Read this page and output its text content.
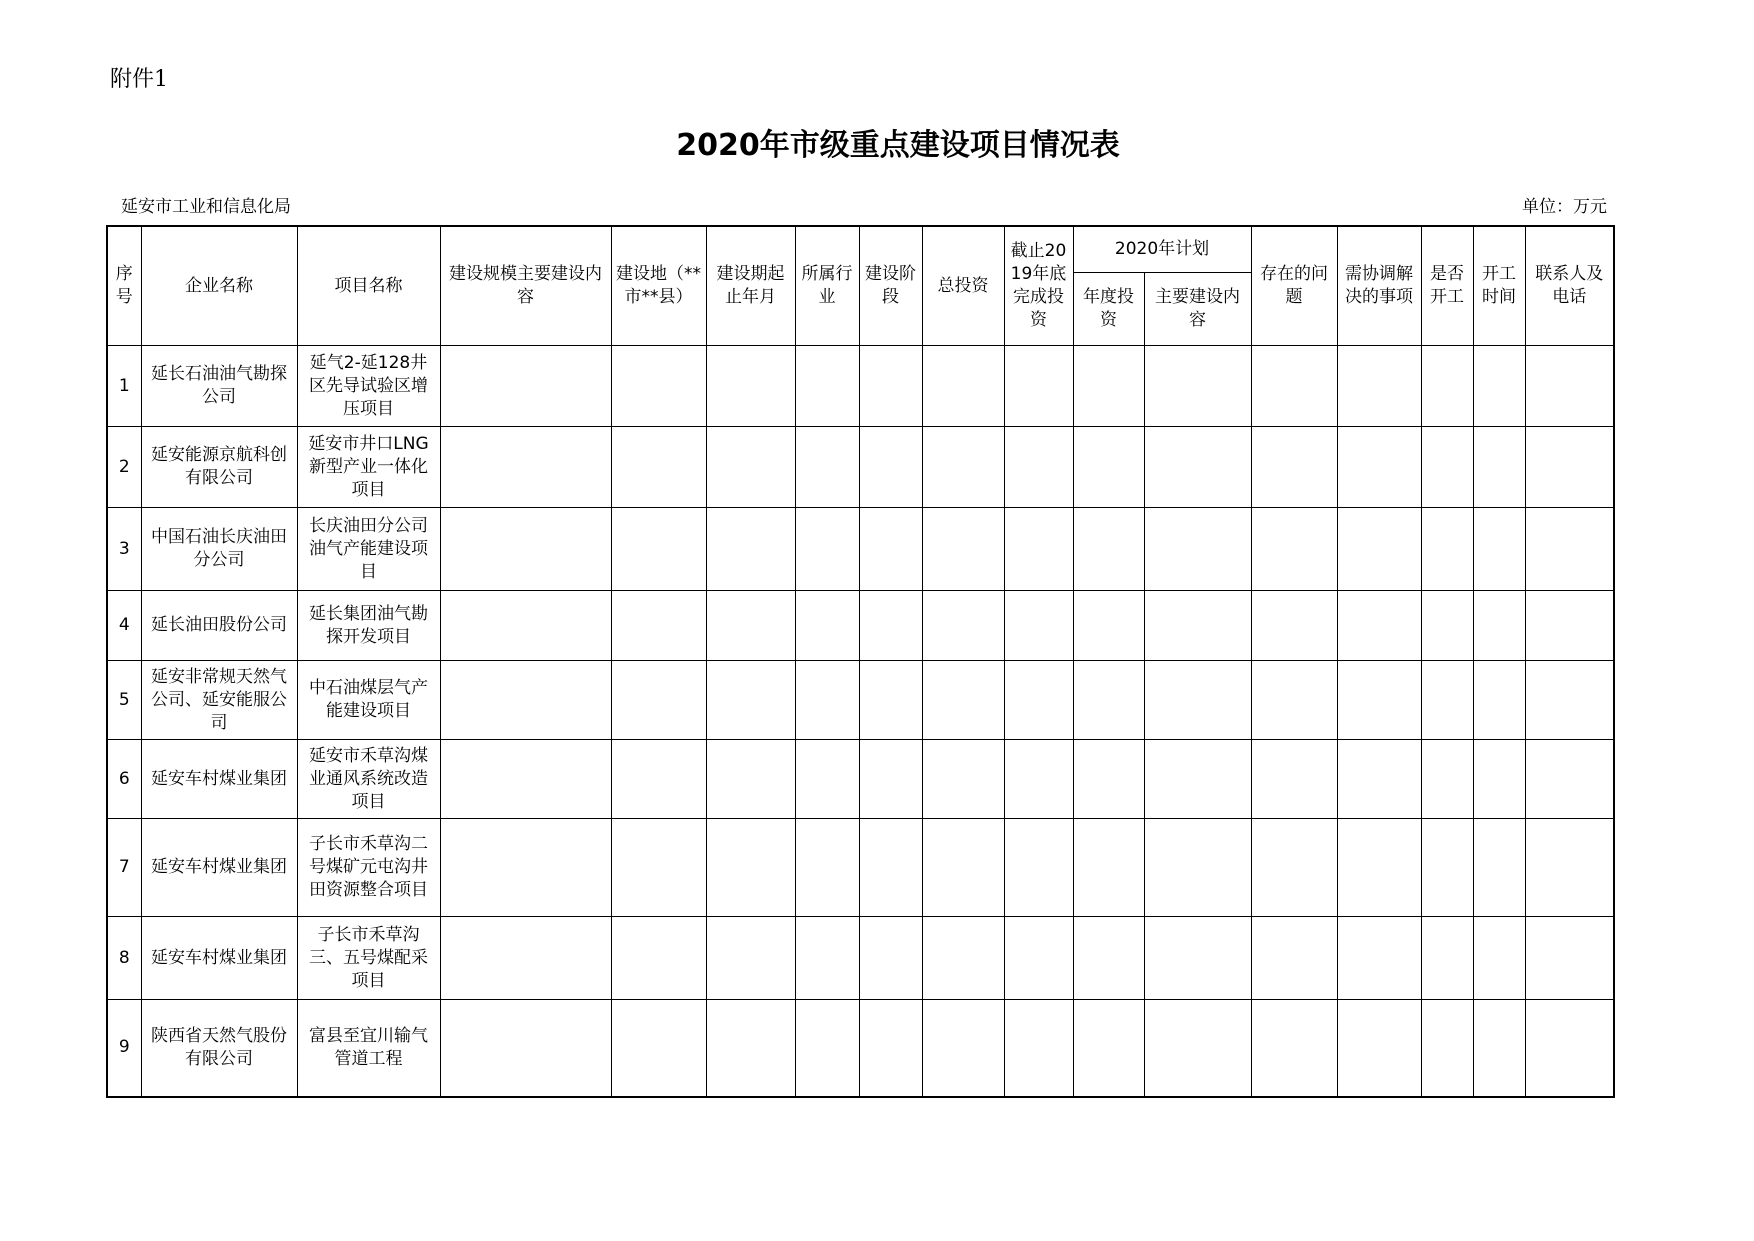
附件1
2020年市级重点建设项目情况表
延安市工业和信息化局	单位：万元
序号	企业名称	项目名称	建设规模主要建设内容	建设地（**市**县）	建设期起止年月	所属行业	建设阶段	总投资	截止2019年底完成投资	2020年计划		存在的问题	需协调解决的事项	是否开工	开工时间	联系人及电话
										年度投资	主要建设内容					
1	延长石油油气勘探公司	延气2-延128井区先导试验区增压项目														
2	延安能源京航科创有限公司	延安市井口LNG新型产业一体化项目														
3	中国石油长庆油田分公司	长庆油田分公司油气产能建设项目														
4	延长油田股份公司	延长集团油气勘探开发项目														
5	延安非常规天然气公司、延安能服公司	中石油煤层气产能建设项目														
6	延安车村煤业集团	延安市禾草沟煤业通风系统改造项目														
7	延安车村煤业集团	子长市禾草沟二号煤矿元屯沟井田资源整合项目														
8	延安车村煤业集团	子长市禾草沟三、五号煤配采项目														
9	陕西省天然气股份有限公司	富县至宜川输气管道工程														
